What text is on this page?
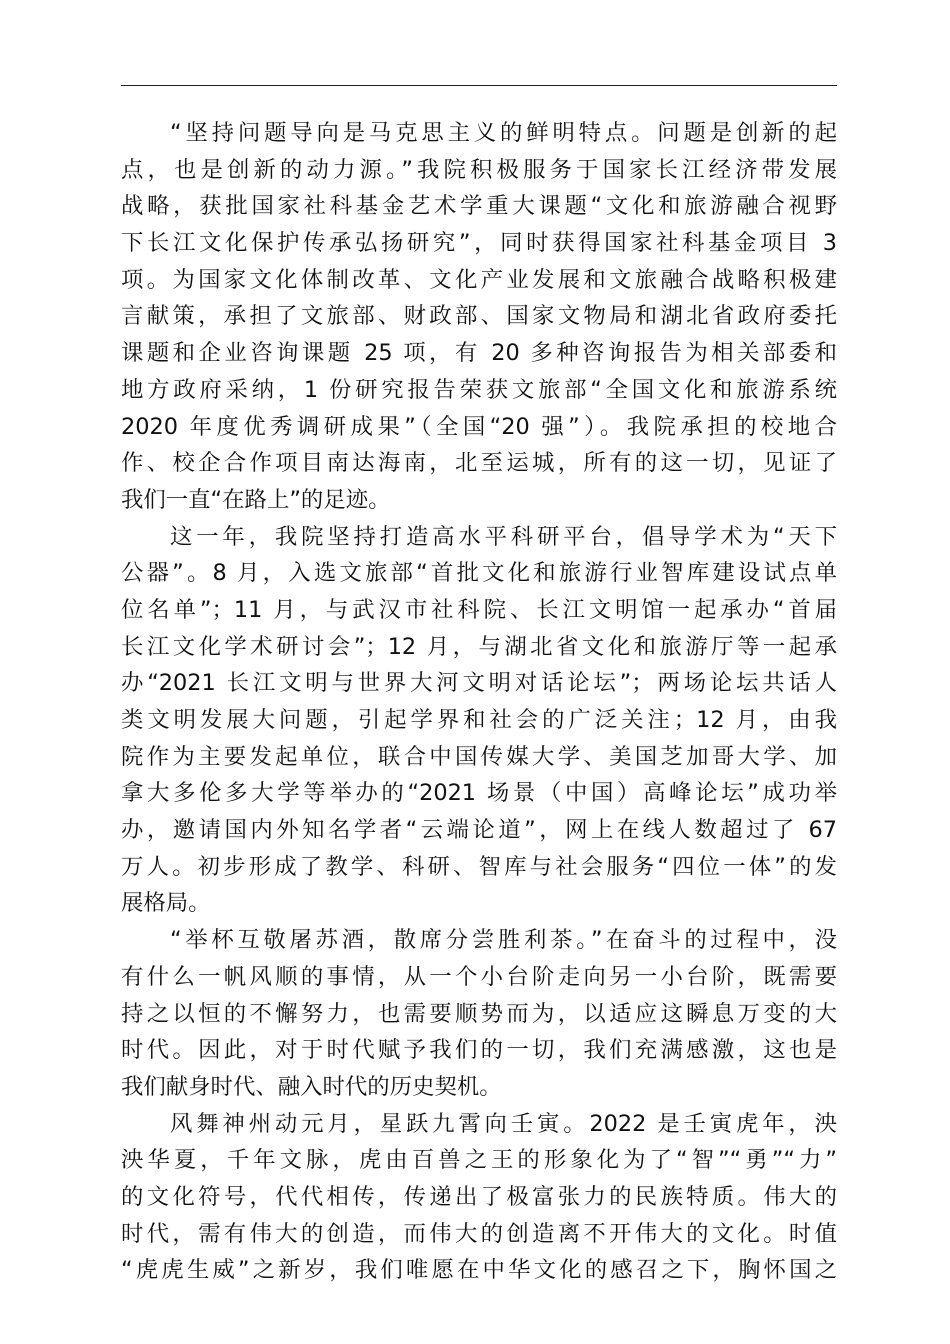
“坚持问题导向是马克思主义的鲜明特点。问题是创新的起
点，也是创新的动力源。”我院积极服务于国家长江经济带发展
战略，获批国家社科基金艺术学重大课题“文化和旅游融合视野
下长江文化保护传承弘扬研究”，同时获得国家社科基金项目 3
项。为国家文化体制改革、文化产业发展和文旅融合战略积极建
言献策，承担了文旅部、财政部、国家文物局和湖北省政府委托
课题和企业咨询课题 25 项，有 20 多种咨询报告为相关部委和
地方政府采纳，1 份研究报告荣获文旅部“全国文化和旅游系统
2020 年度优秀调研成果”（全国“20 强”）。我院承担的校地合
作、校企合作项目南达海南，北至运城，所有的这一切，见证了
我们一直“在路上”的足迹。

这一年，我院坚持打造高水平科研平台，倡导学术为“天下
公器”。8 月，入选文旅部“首批文化和旅游行业智库建设试点单
位名单”；11 月，与武汉市社科院、长江文明馆一起承办“首届
长江文化学术研讨会”；12 月，与湖北省文化和旅游厅等一起承
办“2021 长江文明与世界大河文明对话论坛”；两场论坛共话人
类文明发展大问题，引起学界和社会的广泛关注；12 月，由我
院作为主要发起单位，联合中国传媒大学、美国芝加哥大学、加
拿大多伦多大学等举办的“2021 场景（中国）高峰论坛”成功举
办，邀请国内外知名学者“云端论道”，网上在线人数超过了 67
万人。初步形成了教学、科研、智库与社会服务“四位一体”的发
展格局。

“举杯互敬屠苏酒，散席分尝胜利茶。”在奋斗的过程中，没
有什么一帆风顺的事情，从一个小台阶走向另一小台阶，既需要
持之以恒的不懈努力，也需要顺势而为，以适应这瞬息万变的大
时代。因此，对于时代赋予我们的一切，我们充满感激，这也是
我们献身时代、融入时代的历史契机。

风舞神州动元月，星跃九霄向壬寅。2022 是壬寅虎年，泱
泱华夏，千年文脉，虎由百兽之王的形象化为了“智”“勇”“力”
的文化符号，代代相传，传递出了极富张力的民族特质。伟大的
时代，需有伟大的创造，而伟大的创造离不开伟大的文化。时值
“虎虎生威”之新岁，我们唯愿在中华文化的感召之下，胸怀国之
